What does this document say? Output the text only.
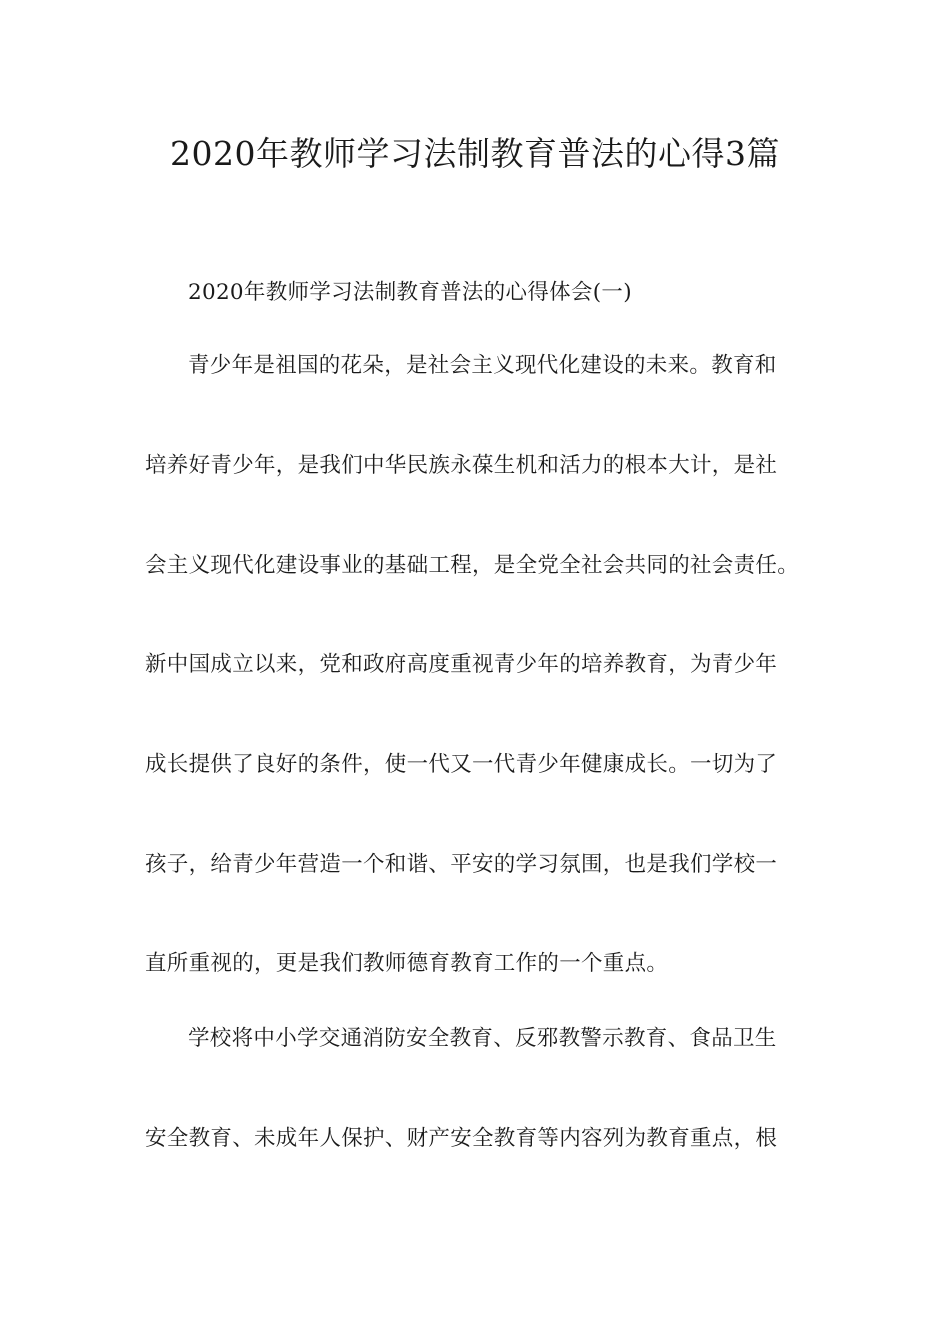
2020年教师学习法制教育普法的心得3篇
2020年教师学习法制教育普法的心得体会(一)
青少年是祖国的花朵，是社会主义现代化建设的未来。教育和
培养好青少年，是我们中华民族永葆生机和活力的根本大计，是社
会主义现代化建设事业的基础工程，是全党全社会共同的社会责任。
新中国成立以来，党和政府高度重视青少年的培养教育，为青少年
成长提供了良好的条件，使一代又一代青少年健康成长。一切为了
孩子，给青少年营造一个和谐、平安的学习氛围，也是我们学校一
直所重视的，更是我们教师德育教育工作的一个重点。
学校将中小学交通消防安全教育、反邪教警示教育、食品卫生
安全教育、未成年人保护、财产安全教育等内容列为教育重点，根
